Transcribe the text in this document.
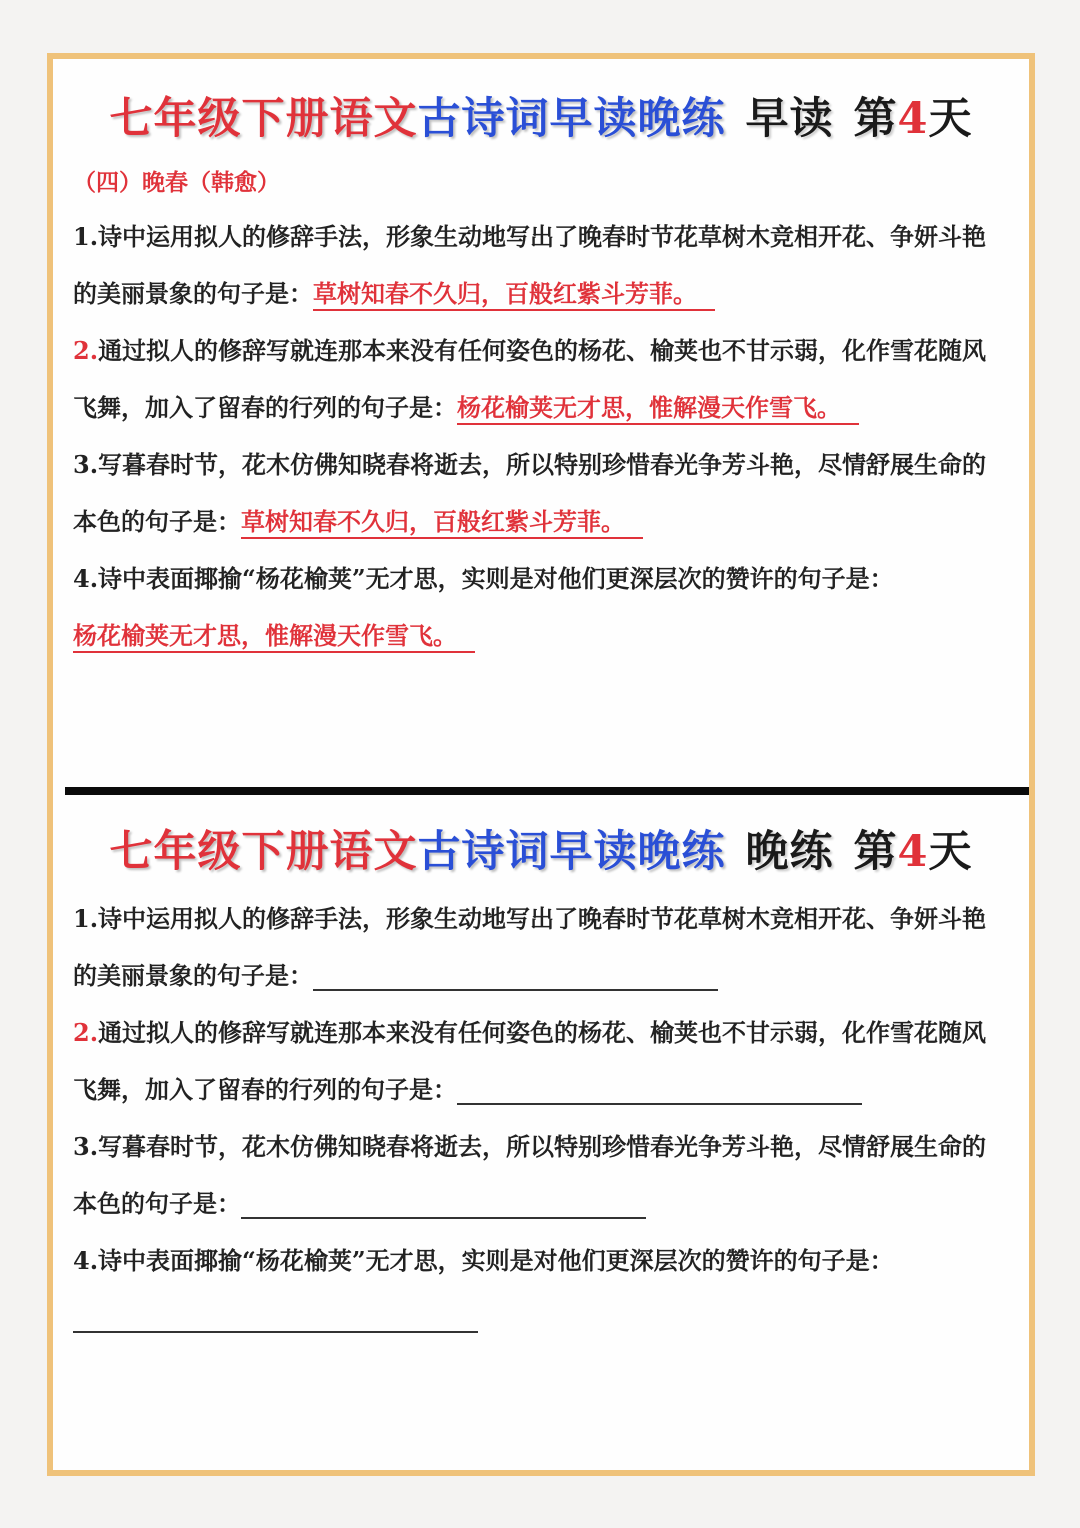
七年级下册语文古诗词早读晚练 早读 第4天
（四）晚春（韩愈）
1.诗中运用拟人的修辞手法，形象生动地写出了晚春时节花草树木竞相开花、争妍斗艳
的美丽景象的句子是：草树知春不久归，百般红紫斗芳菲。
2.通过拟人的修辞写就连那本来没有任何姿色的杨花、榆荚也不甘示弱，化作雪花随风
飞舞，加入了留春的行列的句子是：杨花榆荚无才思，惟解漫天作雪飞。
3.写暮春时节，花木仿佛知晓春将逝去，所以特别珍惜春光争芳斗艳，尽情舒展生命的
本色的句子是：草树知春不久归，百般红紫斗芳菲。
4.诗中表面揶揄“杨花榆荚”无才思，实则是对他们更深层次的赞许的句子是：
杨花榆荚无才思，惟解漫天作雪飞。
七年级下册语文古诗词早读晚练 晚练 第4天
1.诗中运用拟人的修辞手法，形象生动地写出了晚春时节花草树木竞相开花、争妍斗艳
的美丽景象的句子是：
2.通过拟人的修辞写就连那本来没有任何姿色的杨花、榆荚也不甘示弱，化作雪花随风
飞舞，加入了留春的行列的句子是：
3.写暮春时节，花木仿佛知晓春将逝去，所以特别珍惜春光争芳斗艳，尽情舒展生命的
本色的句子是：
4.诗中表面揶揄“杨花榆荚”无才思，实则是对他们更深层次的赞许的句子是：
